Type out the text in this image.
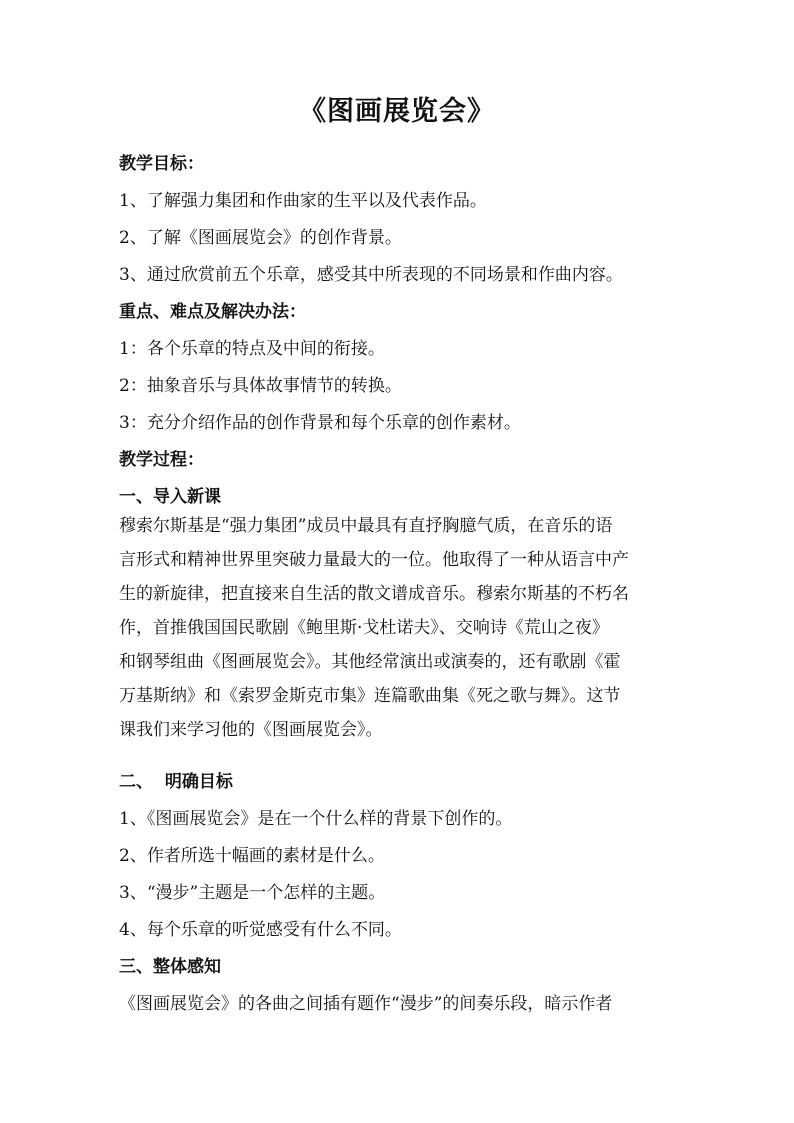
《图画展览会》
教学目标：
1、了解强力集团和作曲家的生平以及代表作品。
2、了解《图画展览会》的创作背景。
3、通过欣赏前五个乐章，感受其中所表现的不同场景和作曲内容。
重点、难点及解决办法：
1：各个乐章的特点及中间的衔接。
2：抽象音乐与具体故事情节的转换。
3：充分介绍作品的创作背景和每个乐章的创作素材。
教学过程：
一、导入新课
穆索尔斯基是“强力集团”成员中最具有直抒胸臆气质，在音乐的语
言形式和精神世界里突破力量最大的一位。他取得了一种从语言中产
生的新旋律，把直接来自生活的散文谱成音乐。穆索尔斯基的不朽名
作，首推俄国国民歌剧《鲍里斯·戈杜诺夫》、交响诗《荒山之夜》
和钢琴组曲《图画展览会》。其他经常演出或演奏的，还有歌剧《霍
万基斯纳》和《索罗金斯克市集》连篇歌曲集《死之歌与舞》。这节
课我们来学习他的《图画展览会》。
二、  明确目标
1、《图画展览会》是在一个什么样的背景下创作的。
2、作者所选十幅画的素材是什么。
3、“漫步”主题是一个怎样的主题。
4、每个乐章的听觉感受有什么不同。
三、整体感知
《图画展览会》的各曲之间插有题作“漫步”的间奏乐段，暗示作者
